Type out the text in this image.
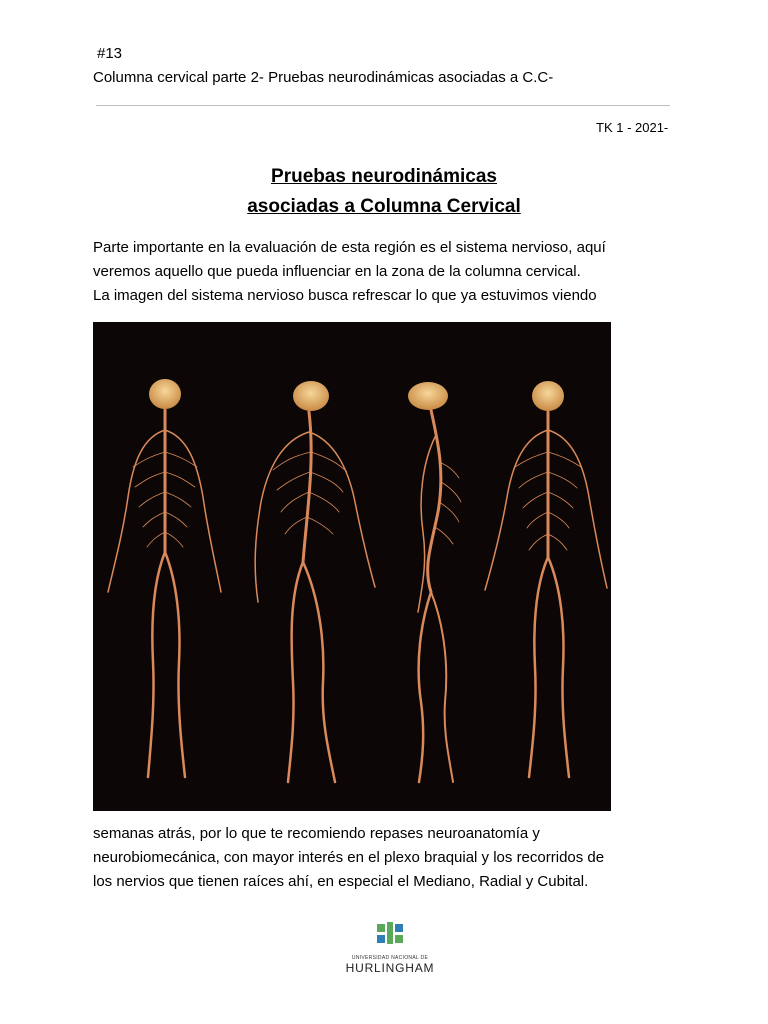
#13
Columna cervical parte 2- Pruebas neurodinámicas asociadas a C.C-
TK 1 - 2021-
Pruebas neurodinámicas
asociadas a Columna Cervical
Parte importante en la evaluación de esta región es el sistema nervioso, aquí
veremos aquello que pueda influenciar en la zona de la columna cervical.
La imagen del sistema nervioso busca refrescar lo que ya estuvimos viendo
semanas atrás, por lo que te recomiendo repases neuroanatomía y
neurobiomecánica, con mayor interés en el plexo braquial y los recorridos de
los nervios que tienen raíces ahí, en especial el Mediano, Radial y Cubital.
UNIVERSIDAD NACIONAL DE
HURLINGHAM
